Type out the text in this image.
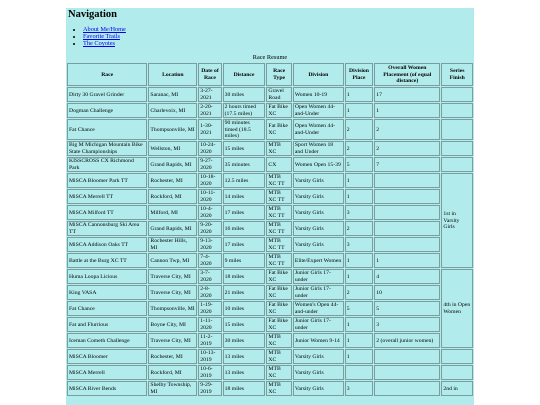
Navigation
• About Me/Home
• Favorite Trails
• The Coyotes
Race Resume
Race	Location	Date of Race	Distance	Race Type	Division	Division Place	Overall Women Placement (of equal distance)	Series Finish
Dirty 30 Gravel Grinder	Saranac, MI	3-27-2021	30 miles	Gravel Road	Women 10-19	1	17	
Dogman Challenge	Charlevoix, MI	2-20-2021	2 hours timed (17.5 miles)	Fat Bike XC	Open Women 44-and-Under	1	1	
Fat Chance	Thompsonville, MI	1-30-2021	90 minutes timed (18.5 miles)	Fat Bike XC	Open Women 44-and-Under	2	2	
Big M Michigan Mountain Bike State Championships	Wellston, MI	10-24-2020	15 miles	MTB XC	Sport Women 18 and Under	2	2	
KISSCROSS CX Richmond Park	Grand Rapids, MI	9-27-2020	35 minutes	CX	Women Open 15-39	5	7	
MiSCA Bloomer Park TT	Rochester, MI	10-18-2020	12.5 miles	MTB XC TT	Varsity Girls	1		1st in Varsity Girls
MiSCA Merrell TT	Rockford, MI	10-11-2020	14 miles	MTB XC TT	Varsity Girls	1		
MiSCA Milford TT	Milford, MI	10-4-2020	17 miles	MTB XC TT	Varsity Girls	3		
MiSCA Cannonsburg Ski Area TT	Grand Rapids, MI	9-20-2020	16 miles	MTB XC TT	Varsity Girls	2		
MiSCA Addison Oaks TT	Rochester Hills, MI	9-13-2020	17 miles	MTB XC TT	Varsity Girls	3		
Battle at the Burg XC TT	Cannon Twp, MI	7-4-2020	9 miles	MTB XC TT	Elite/Expert Women	1	1	
Huma Loopa Licious	Traverse City, MI	3-7-2020	18 miles	Fat Bike XC	Junior Girls 17-under	1	4	4th in Open Women
King VASA	Traverse City, MI	2-8-2020	21 miles	Fat Bike XC	Junior Girls 17-under	2	10	
Fat Chance	Thompsonville, MI	1-19-2020	10 miles	Fat Bike XC	Women's Open 44-and-under	5	5	
Fat and Flurrious	Boyne City, MI	1-11-2020	15 miles	Fat Bike XC	Junior Girls 17-under	1	3	
Iceman Cometh Challenge	Traverse City, MI	11-2-2019	30 miles	MTB XC	Junior Women 9-14	1	2 (overall junior women)	
MiSCA Bloomer	Rochester, MI	10-13-2019	13 miles	MTB XC	Varsity Girls	1		
MiSCA Merrell	Rockford, MI	10-6-2019	13 miles	MTB XC	Varsity Girls			
MiSCA River Bends	Shelby Township, MI	9-29-2019	18 miles	MTB XC	Varsity Girls	3		2nd in
